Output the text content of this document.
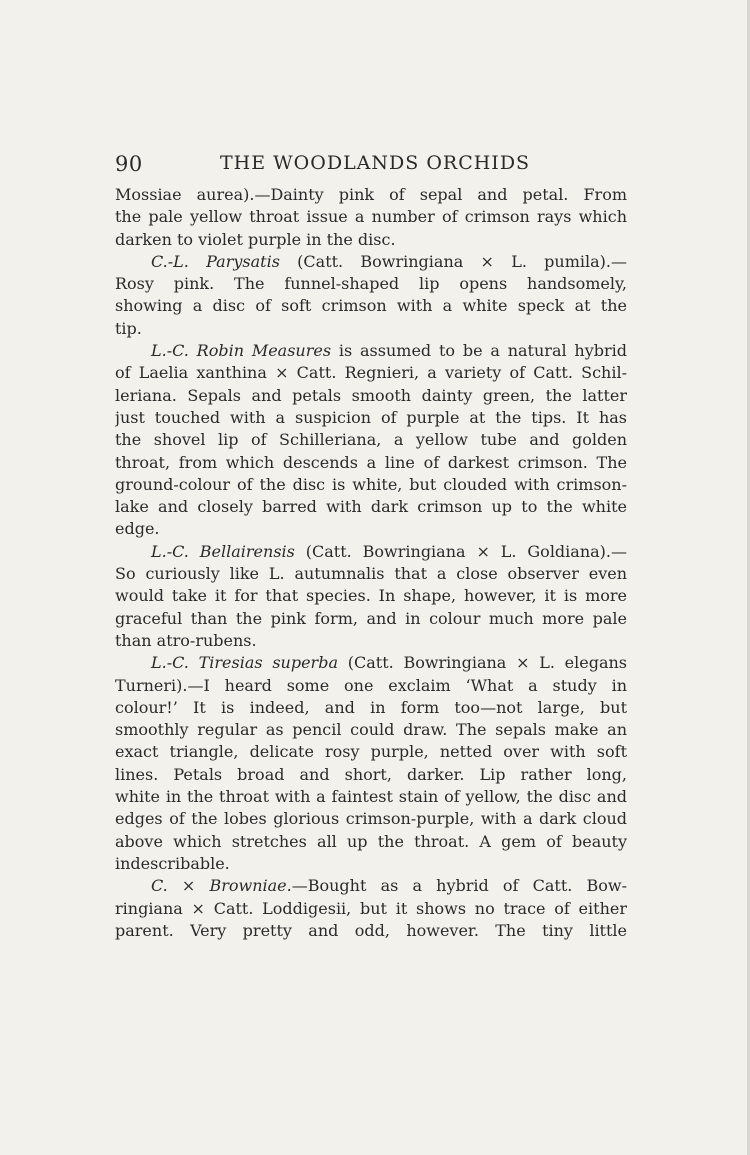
90	THE WOODLANDS ORCHIDS
Mossiae aurea).—Dainty pink of sepal and petal. From
the pale yellow throat issue a number of crimson rays which
darken to violet purple in the disc.
C.-L. Parysatis (Catt. Bowringiana × L. pumila).—
Rosy pink. The funnel-shaped lip opens handsomely,
showing a disc of soft crimson with a white speck at the
tip.
L.-C. Robin Measures is assumed to be a natural hybrid
of Laelia xanthina × Catt. Regnieri, a variety of Catt. Schil-
leriana. Sepals and petals smooth dainty green, the latter
just touched with a suspicion of purple at the tips. It has
the shovel lip of Schilleriana, a yellow tube and golden
throat, from which descends a line of darkest crimson. The
ground-colour of the disc is white, but clouded with crimson-
lake and closely barred with dark crimson up to the white
edge.
L.-C. Bellairensis (Catt. Bowringiana × L. Goldiana).—
So curiously like L. autumnalis that a close observer even
would take it for that species. In shape, however, it is more
graceful than the pink form, and in colour much more pale
than atro-rubens.
L.-C. Tiresias superba (Catt. Bowringiana × L. elegans
Turneri).—I heard some one exclaim ‘What a study in
colour!’ It is indeed, and in form too—not large, but
smoothly regular as pencil could draw. The sepals make an
exact triangle, delicate rosy purple, netted over with soft
lines. Petals broad and short, darker. Lip rather long,
white in the throat with a faintest stain of yellow, the disc and
edges of the lobes glorious crimson-purple, with a dark cloud
above which stretches all up the throat. A gem of beauty
indescribable.
C. × Browniae.—Bought as a hybrid of Catt. Bow-
ringiana × Catt. Loddigesii, but it shows no trace of either
parent. Very pretty and odd, however. The tiny little
